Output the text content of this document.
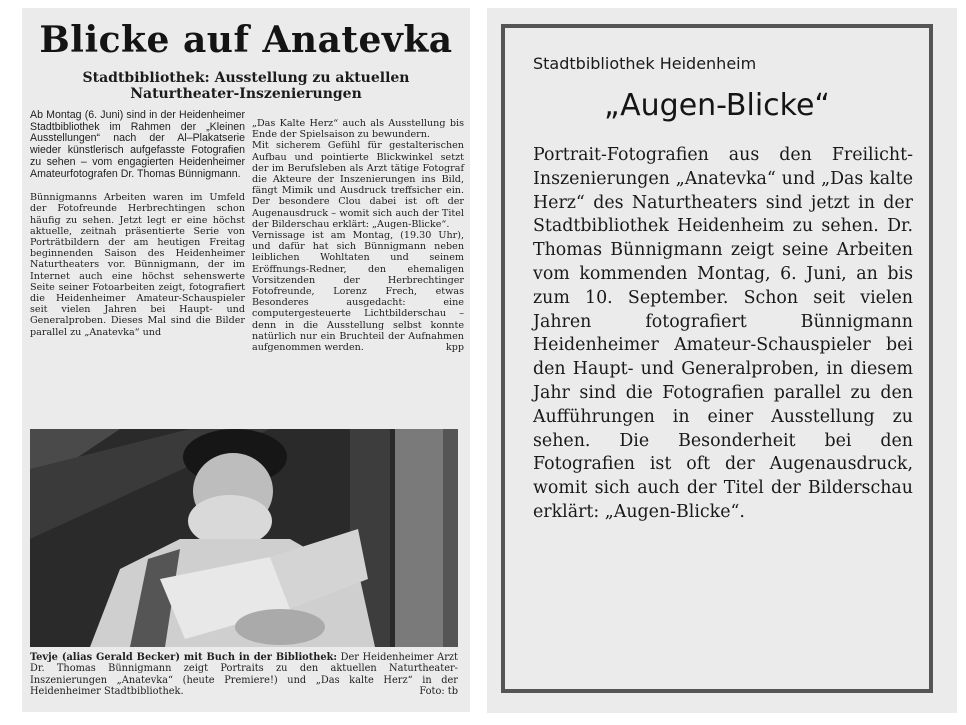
Blicke auf Anatevka
Stadtbibliothek: Ausstellung zu aktuellen
Naturtheater-Inszenierungen

Ab Montag (6. Juni) sind in der Heidenheimer Stadtbibliothek im Rahmen der „Kleinen Ausstellungen“ nach der Al–Plakatserie wieder künstlerisch aufgefasste Fotografien zu sehen – vom engagierten Heidenheimer Amateurfotografen Dr. Thomas Bünnigmann.

Bünnigmanns Arbeiten waren im Umfeld der Fotofreunde Herbrechtingen schon häufig zu sehen. Jetzt legt er eine höchst aktuelle, zeitnah präsentierte Serie von Porträtbildern der am heutigen Freitag beginnenden Saison des Heidenheimer Naturtheaters vor. Bünnigmann, der im Internet auch eine höchst sehenswerte Seite seiner Fotoarbeiten zeigt, fotografiert die Heidenheimer Amateur-Schauspieler seit vielen Jahren bei Haupt- und Generalproben. Dieses Mal sind die Bilder parallel zu „Anatevka“ und

„Das Kalte Herz“ auch als Ausstellung bis Ende der Spielsaison zu bewundern.

Mit sicherem Gefühl für gestalterischen Aufbau und pointierte Blickwinkel setzt der im Berufsleben als Arzt tätige Fotograf die Akteure der Inszenierungen ins Bild, fängt Mimik und Ausdruck treffsicher ein. Der besondere Clou dabei ist oft der Augenausdruck – womit sich auch der Titel der Bilderschau erklärt: „Augen-Blicke“.

Vernissage ist am Montag, (19.30 Uhr), und dafür hat sich Bünnigmann neben leiblichen Wohltaten und seinem Eröffnungs-Redner, den ehemaligen Vorsitzenden der Herbrechtinger Fotofreunde, Lorenz Frech, etwas Besonderes ausgedacht: eine computergesteuerte Lichtbilderschau – denn in die Ausstellung selbst konnte natürlich nur ein Bruchteil der Aufnahmen aufgenommen werden.	kpp
Tevje (alias Gerald Becker) mit Buch in der Bibliothek: Der Heidenheimer Arzt Dr. Thomas Bünnigmann zeigt Portraits zu den aktuellen Naturtheater-Inszenierungen „Anatevka“ (heute Premiere!) und „Das kalte Herz“ in der Heidenheimer Stadtbibliothek.	Foto: tb
Stadtbibliothek Heidenheim
„Augen-Blicke“

Portrait-Fotografien aus den Freilicht-Inszenierungen „Anatevka“ und „Das kalte Herz“ des Naturtheaters sind jetzt in der Stadtbibliothek Heidenheim zu sehen. Dr. Thomas Bünnigmann zeigt seine Arbeiten vom kommenden Montag, 6. Juni, an bis zum 10. September. Schon seit vielen Jahren fotografiert Bünnigmann Heidenheimer Amateur-Schauspieler bei den Haupt- und Generalproben, in diesem Jahr sind die Fotografien parallel zu den Aufführungen in einer Ausstellung zu sehen. Die Besonderheit bei den Fotografien ist oft der Augenausdruck, womit sich auch der Titel der Bilderschau erklärt: „Augen-Blicke“.
